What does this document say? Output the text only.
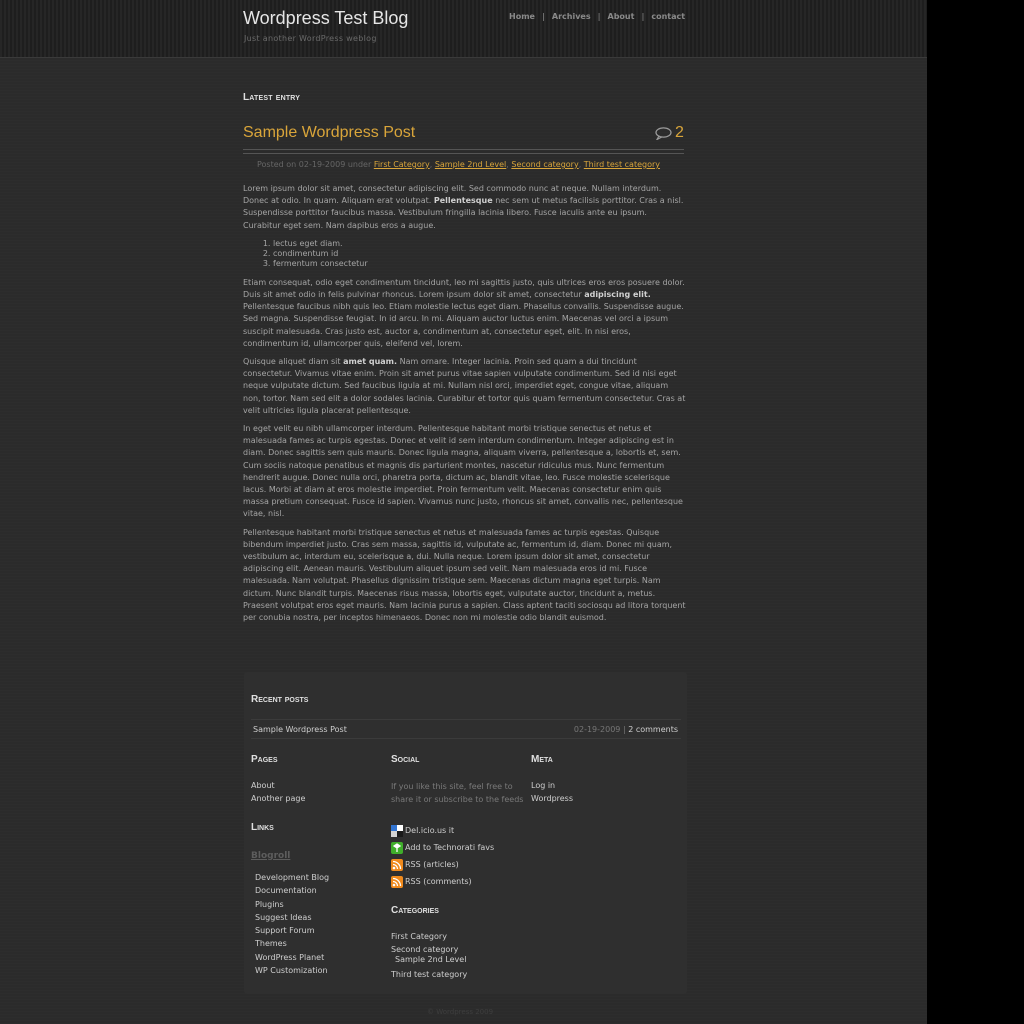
Wordpress Test Blog
Just another WordPress weblog
Home | Archives | About | contact
Latest entry
Sample Wordpress Post	2
Posted on 02-19-2009 under First Category, Sample 2nd Level, Second category, Third test category

Lorem ipsum dolor sit amet, consectetur adipiscing elit. Sed commodo nunc at neque. Nullam interdum. Donec at odio. In quam. Aliquam erat volutpat. Pellentesque nec sem ut metus facilisis porttitor. Cras a nisl. Suspendisse porttitor faucibus massa. Vestibulum fringilla lacinia libero. Fusce iaculis ante eu ipsum. Curabitur eget sem. Nam dapibus eros a augue.

1. lectus eget diam.
2. condimentum id
3. fermentum consectetur

Etiam consequat, odio eget condimentum tincidunt, leo mi sagittis justo, quis ultrices eros eros posuere dolor. Duis sit amet odio in felis pulvinar rhoncus. Lorem ipsum dolor sit amet, consectetur adipiscing elit. Pellentesque faucibus nibh quis leo. Etiam molestie lectus eget diam. Phasellus convallis. Suspendisse augue. Sed magna. Suspendisse feugiat. In id arcu. In mi. Aliquam auctor luctus enim. Maecenas vel orci a ipsum suscipit malesuada. Cras justo est, auctor a, condimentum at, consectetur eget, elit. In nisi eros, condimentum id, ullamcorper quis, eleifend vel, lorem.

Quisque aliquet diam sit amet quam. Nam ornare. Integer lacinia. Proin sed quam a dui tincidunt consectetur. Vivamus vitae enim. Proin sit amet purus vitae sapien vulputate condimentum. Sed id nisi eget neque vulputate dictum. Sed faucibus ligula at mi. Nullam nisl orci, imperdiet eget, congue vitae, aliquam non, tortor. Nam sed elit a dolor sodales lacinia. Curabitur et tortor quis quam fermentum consectetur. Cras at velit ultricies ligula placerat pellentesque.

In eget velit eu nibh ullamcorper interdum. Pellentesque habitant morbi tristique senectus et netus et malesuada fames ac turpis egestas. Donec et velit id sem interdum condimentum. Integer adipiscing est in diam. Donec sagittis sem quis mauris. Donec ligula magna, aliquam viverra, pellentesque a, lobortis et, sem. Cum sociis natoque penatibus et magnis dis parturient montes, nascetur ridiculus mus. Nunc fermentum hendrerit augue. Donec nulla orci, pharetra porta, dictum ac, blandit vitae, leo. Fusce molestie scelerisque lacus. Morbi at diam at eros molestie imperdiet. Proin fermentum velit. Maecenas consectetur enim quis massa pretium consequat. Fusce id sapien. Vivamus nunc justo, rhoncus sit amet, convallis nec, pellentesque vitae, nisl.

Pellentesque habitant morbi tristique senectus et netus et malesuada fames ac turpis egestas. Quisque bibendum imperdiet justo. Cras sem massa, sagittis id, vulputate ac, fermentum id, diam. Donec mi quam, vestibulum ac, interdum eu, scelerisque a, dui. Nulla neque. Lorem ipsum dolor sit amet, consectetur adipiscing elit. Aenean mauris. Vestibulum aliquet ipsum sed velit. Nam malesuada eros id mi. Fusce malesuada. Nam volutpat. Phasellus dignissim tristique sem. Maecenas dictum magna eget turpis. Nam dictum. Nunc blandit turpis. Maecenas risus massa, lobortis eget, vulputate auctor, tincidunt a, metus. Praesent volutpat eros eget mauris. Nam lacinia purus a sapien. Class aptent taciti sociosqu ad litora torquent per conubia nostra, per inceptos himenaeos. Donec non mi molestie odio blandit euismod.

Recent posts
Sample Wordpress Post	02-19-2009 | 2 comments
Pages
About
Another page
Links
Blogroll
Development Blog
Documentation
Plugins
Suggest Ideas
Support Forum
Themes
WordPress Planet
WP Customization
Social
If you like this site, feel free to share it or subscribe to the feeds
Del.icio.us it
Add to Technorati favs
RSS (articles)
RSS (comments)
Categories
First Category
Second category
Sample 2nd Level
Third test category
Meta
Log in
Wordpress
© Wordpress 2009
